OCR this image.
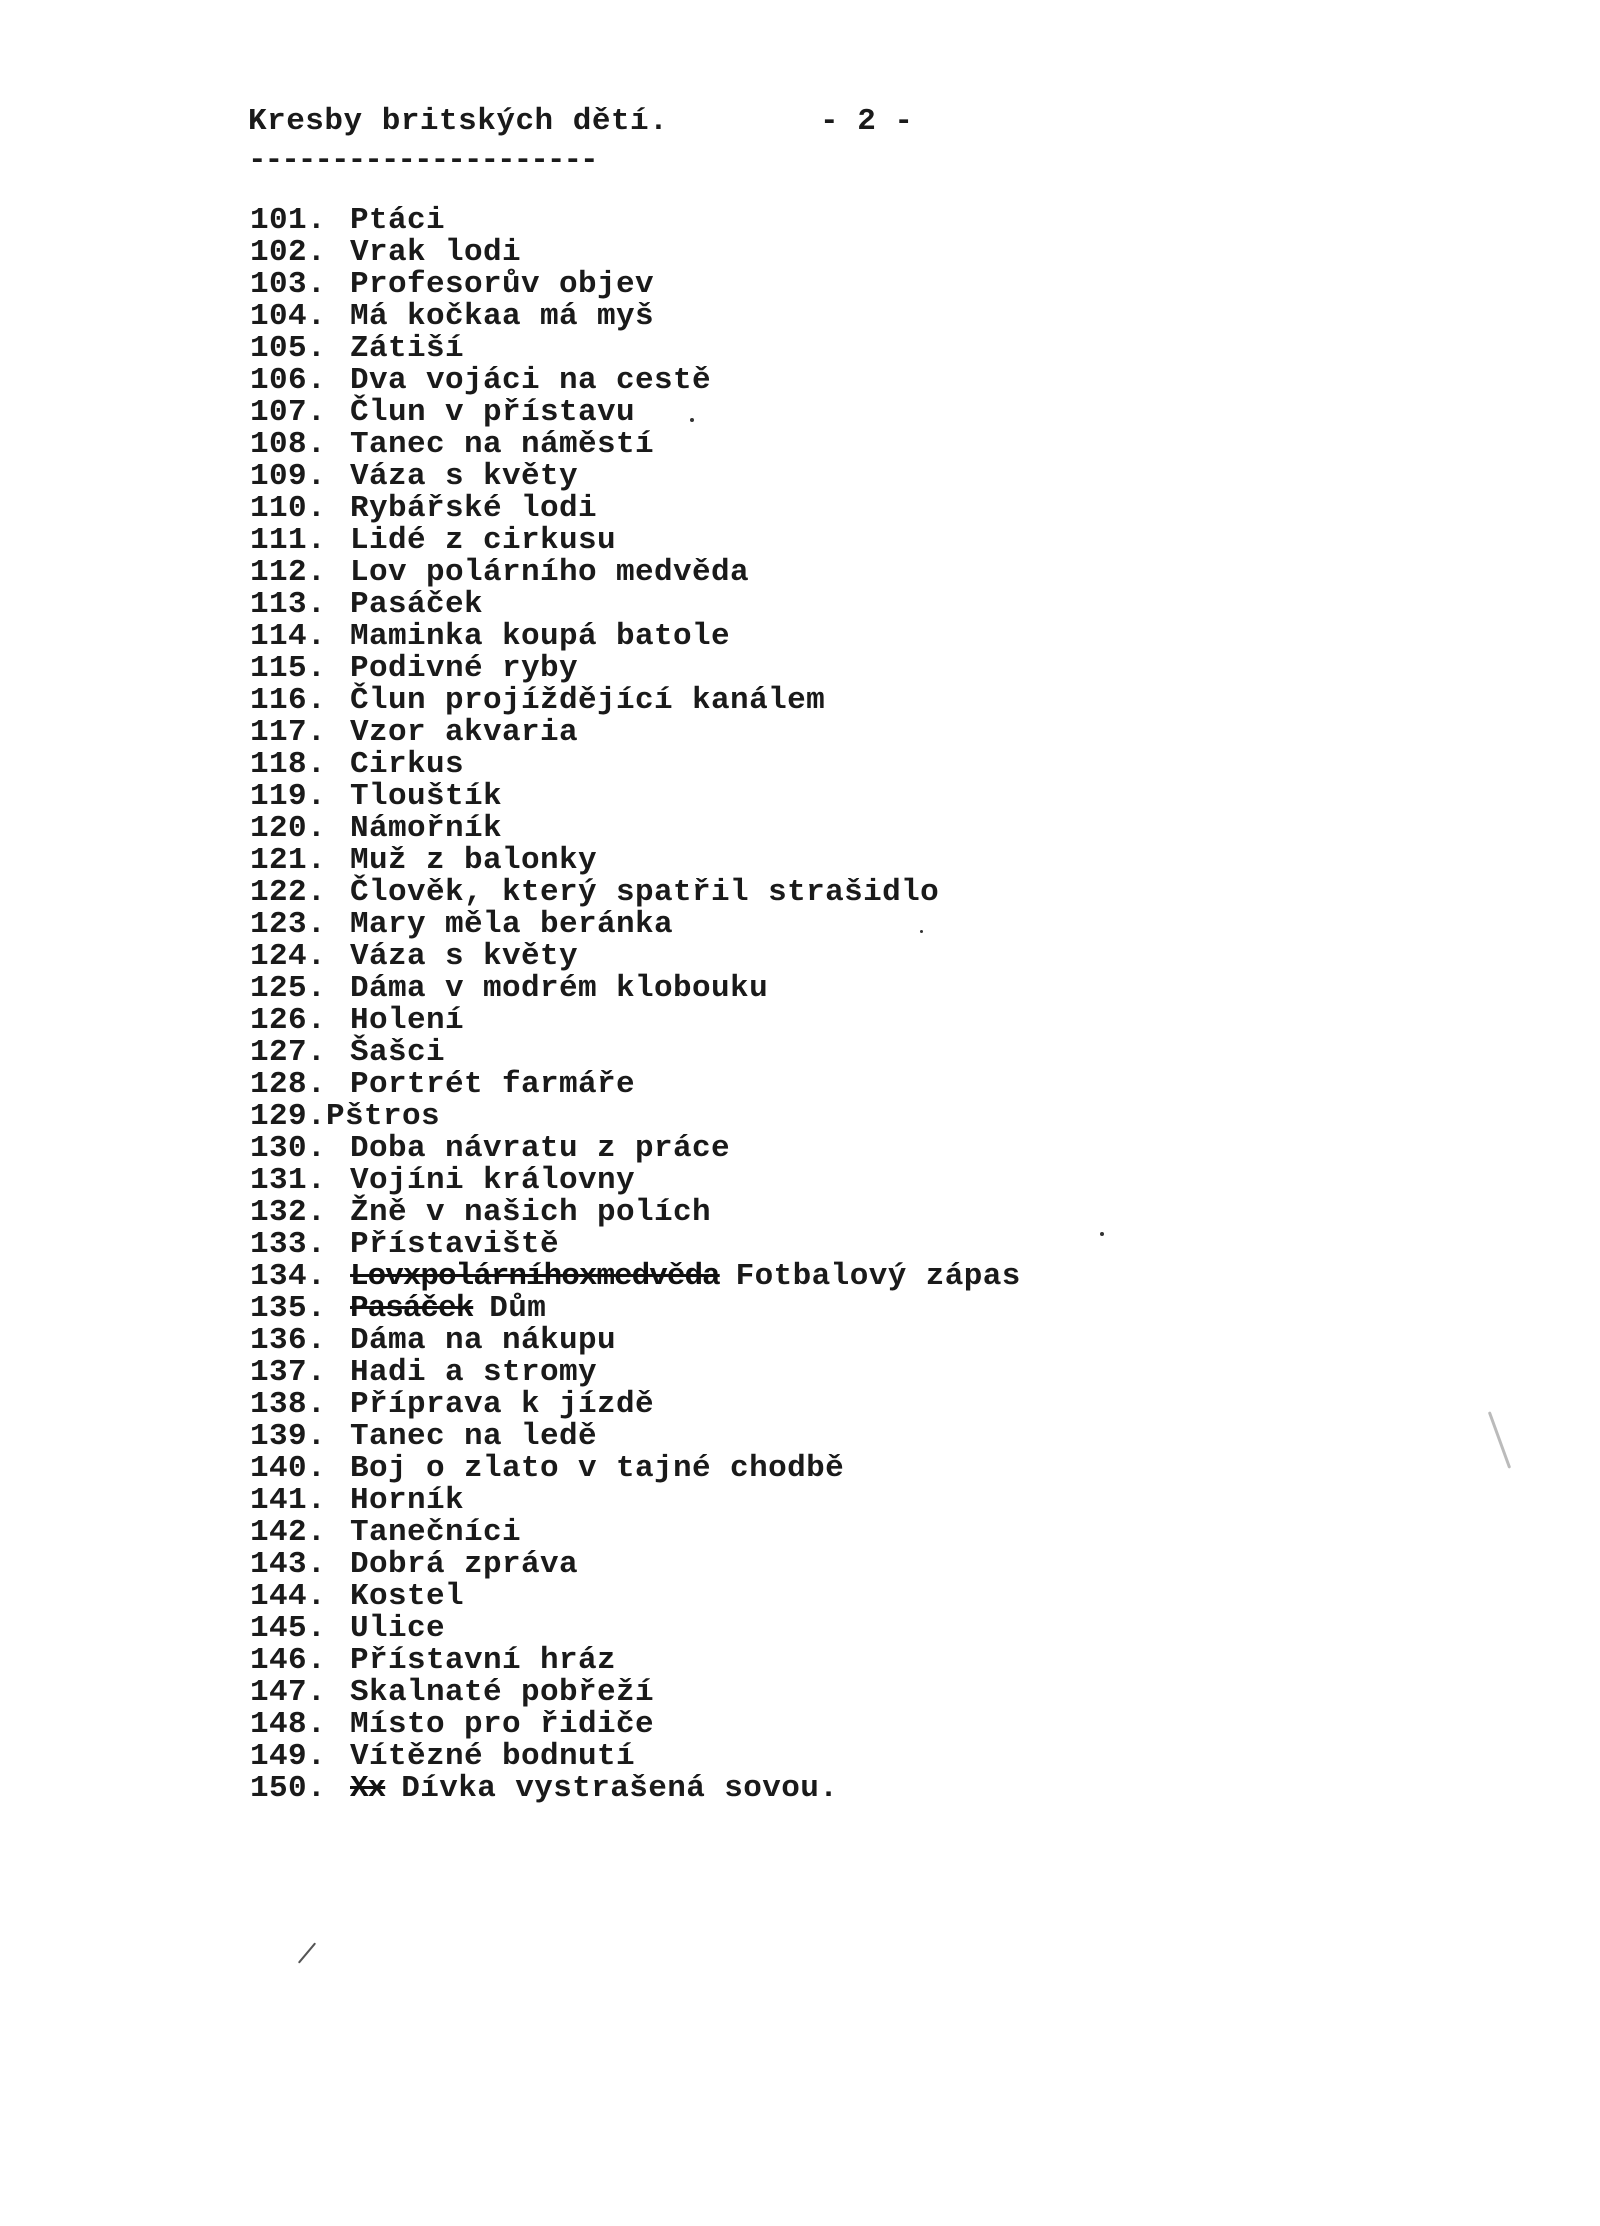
Kresby britských dětí.	- 2 -
---------------------
101. Ptáci
102. Vrak lodi
103. Profesorův objev
104. Má kočkaa má myš
105. Zátiší
106. Dva vojáci na cestě
107. Člun v přístavu
108. Tanec na náměstí
109. Váza s květy
110. Rybářské lodi
111. Lidé z cirkusu
112. Lov polárního medvěda
113. Pasáček
114. Maminka koupá batole
115. Podivné ryby
116. Člun projíždějící kanálem
117. Vzor akvaria
118. Cirkus
119. Tlouštík
120. Námořník
121. Muž z balonky
122. Člověk, který spatřil strašidlo
123. Mary měla beránka
124. Váza s květy
125. Dáma v modrém klobouku
126. Holení
127. Šašci
128. Portrét farmáře
129. Pštros
130. Doba návratu z práce
131. Vojíni královny
132. Žně v našich polích
133. Přístaviště
134. Lovxpolárníhoxmedvěda Fotbalový zápas
135. Pasáček Dům
136. Dáma na nákupu
137. Hadi a stromy
138. Příprava k jízdě
139. Tanec na ledě
140. Boj o zlato v tajné chodbě
141. Horník
142. Tanečníci
143. Dobrá zpráva
144. Kostel
145. Ulice
146. Přístavní hráz
147. Skalnaté pobřeží
148. Místo pro řidiče
149. Vítězné bodnutí
150. Xx Dívka vystrašená sovou.
